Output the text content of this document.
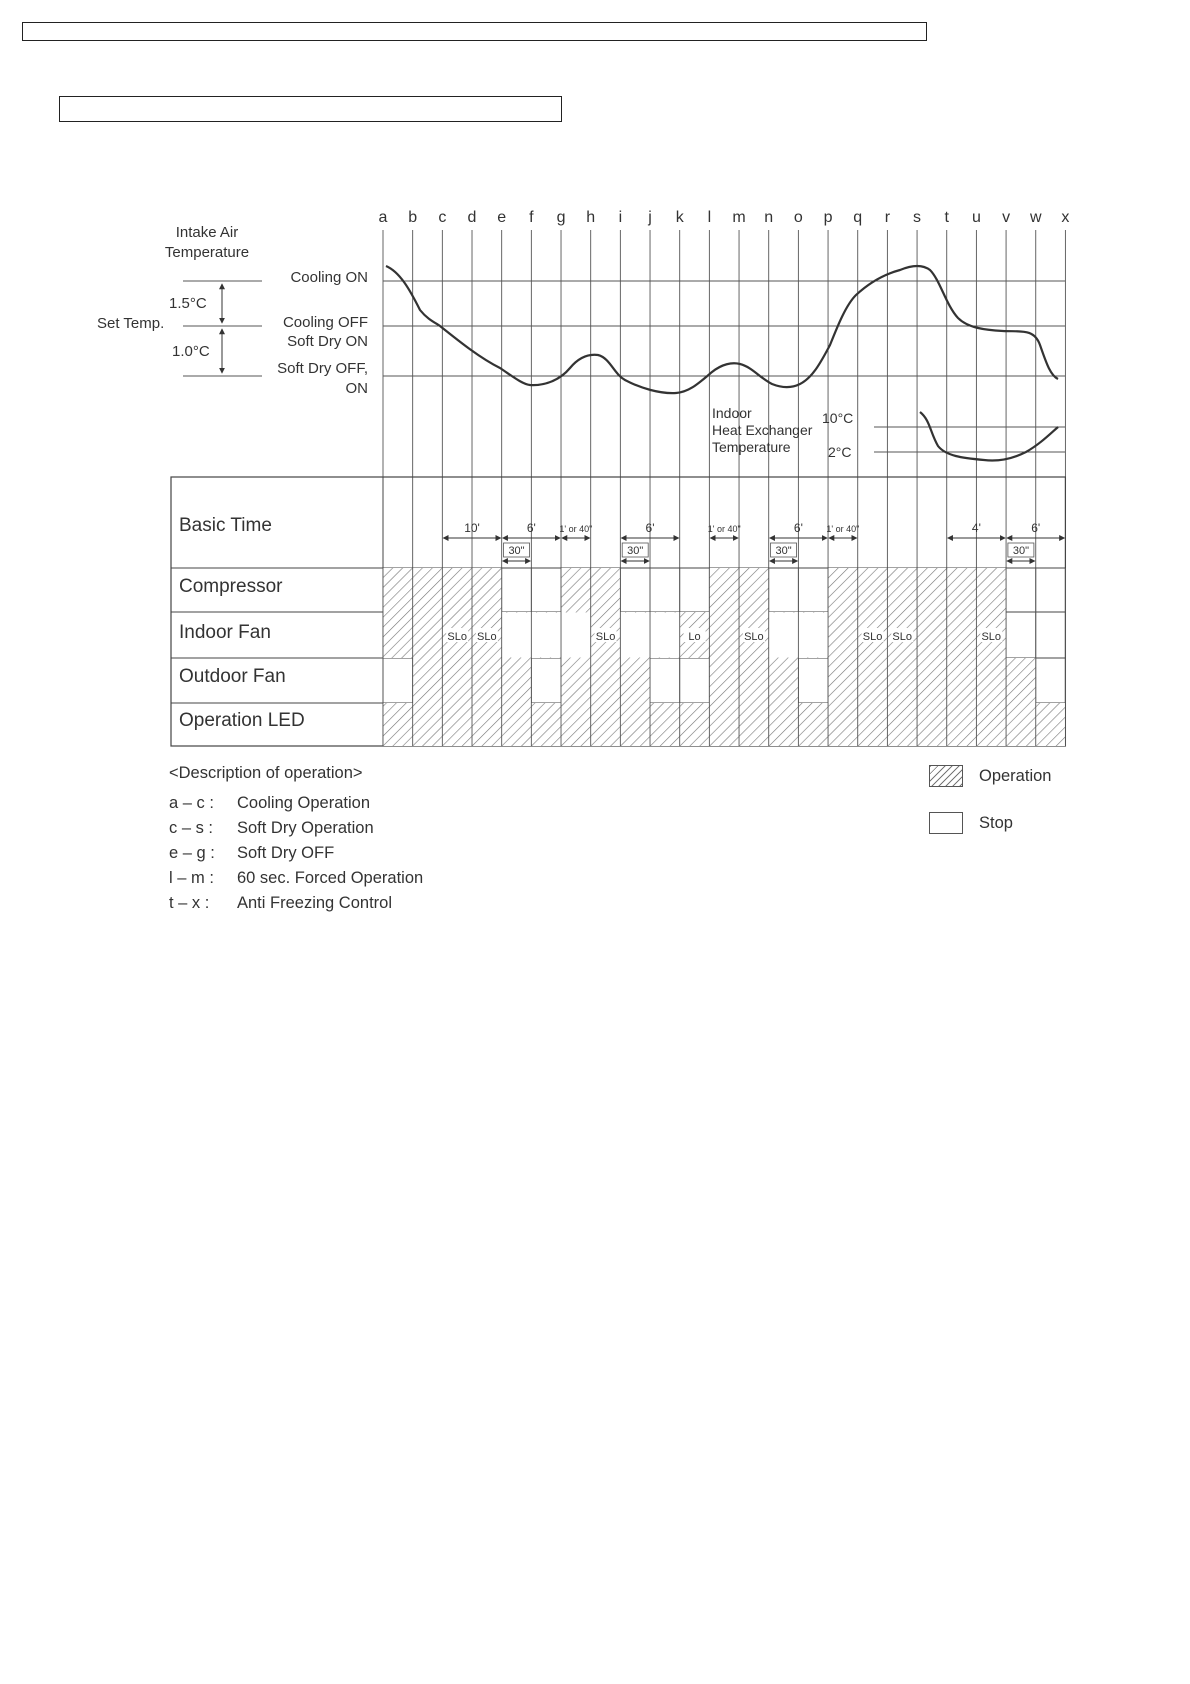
a b c d e f g h i j k l m n o p q r s t u v w x
Intake Air
Temperature
Set Temp.
1.5°C
1.0°C
Cooling ON
Cooling OFF
Soft Dry ON
Soft Dry OFF,
ON
Indoor
Heat Exchanger
Temperature
10°C
2°C
Basic Time
Compressor
Indoor Fan
Outdoor Fan
Operation LED
10'	6'	1' or 40"	6'	1' or 40"	6'	1' or 40"	4'	6'
30"	30"	30"	30"
SLo SLo	SLo	Lo	SLo	SLo SLo	SLo
<Description of operation>
a – c : Cooling Operation
c – s : Soft Dry Operation
e – g : Soft Dry OFF
l – m : 60 sec. Forced Operation
t – x : Anti Freezing Control
Operation
Stop
